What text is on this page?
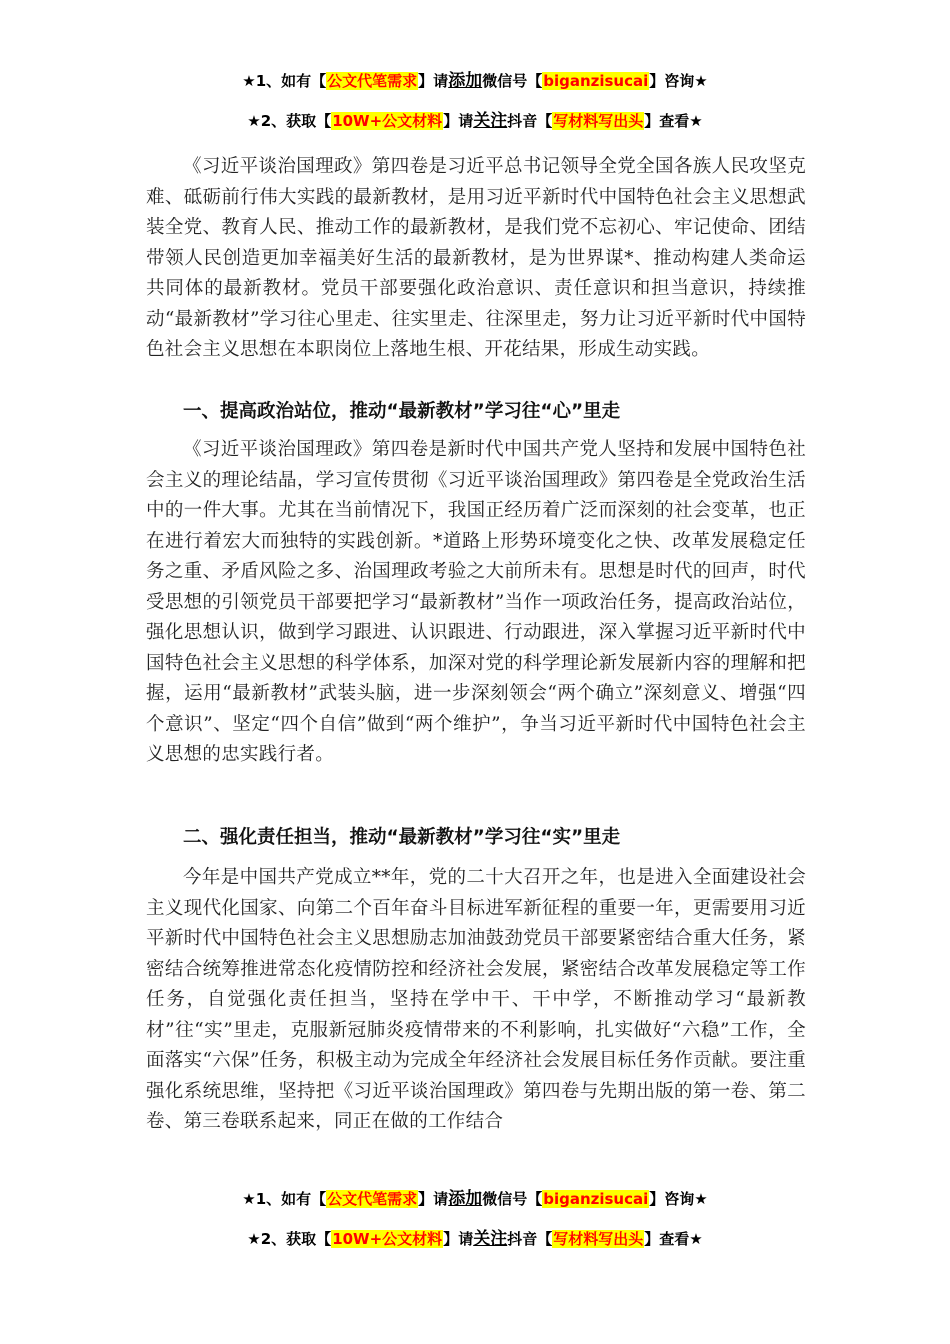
★1、如有【公文代笔需求】请添加微信号【biganzisucai】咨询★
★2、获取【10W+公文材料】请关注抖音【写材料写出头】查看★

《习近平谈治国理政》第四卷是习近平总书记领导全党全国各族人民攻坚克难、砥砺前行伟大实践的最新教材，是用习近平新时代中国特色社会主义思想武装全党、教育人民、推动工作的最新教材，是我们党不忘初心、牢记使命、团结带领人民创造更加幸福美好生活的最新教材，是为世界谋*、推动构建人类命运共同体的最新教材。党员干部要强化政治意识、责任意识和担当意识，持续推动“最新教材”学习往心里走、往实里走、往深里走，努力让习近平新时代中国特色社会主义思想在本职岗位上落地生根、开花结果，形成生动实践。

一、提高政治站位，推动“最新教材”学习往“心”里走

《习近平谈治国理政》第四卷是新时代中国共产党人坚持和发展中国特色社会主义的理论结晶，学习宣传贯彻《习近平谈治国理政》第四卷是全党政治生活中的一件大事。尤其在当前情况下，我国正经历着广泛而深刻的社会变革，也正在进行着宏大而独特的实践创新。*道路上形势环境变化之快、改革发展稳定任务之重、矛盾风险之多、治国理政考验之大前所未有。思想是时代的回声，时代受思想的引领党员干部要把学习“最新教材”当作一项政治任务，提高政治站位，强化思想认识，做到学习跟进、认识跟进、行动跟进，深入掌握习近平新时代中国特色社会主义思想的科学体系，加深对党的科学理论新发展新内容的理解和把握，运用“最新教材”武装头脑，进一步深刻领会“两个确立”深刻意义、增强“四个意识”、坚定“四个自信”做到“两个维护”，争当习近平新时代中国特色社会主义思想的忠实践行者。

二、强化责任担当，推动“最新教材”学习往“实”里走

今年是中国共产党成立**年，党的二十大召开之年，也是进入全面建设社会主义现代化国家、向第二个百年奋斗目标进军新征程的重要一年，更需要用习近平新时代中国特色社会主义思想励志加油鼓劲党员干部要紧密结合重大任务，紧密结合统筹推进常态化疫情防控和经济社会发展，紧密结合改革发展稳定等工作任务，自觉强化责任担当，坚持在学中干、干中学，不断推动学习“最新教材”往“实”里走，克服新冠肺炎疫情带来的不利影响，扎实做好“六稳”工作，全面落实“六保”任务，积极主动为完成全年经济社会发展目标任务作贡献。要注重强化系统思维，坚持把《习近平谈治国理政》第四卷与先期出版的第一卷、第二卷、第三卷联系起来，同正在做的工作结合

★1、如有【公文代笔需求】请添加微信号【biganzisucai】咨询★
★2、获取【10W+公文材料】请关注抖音【写材料写出头】查看★
